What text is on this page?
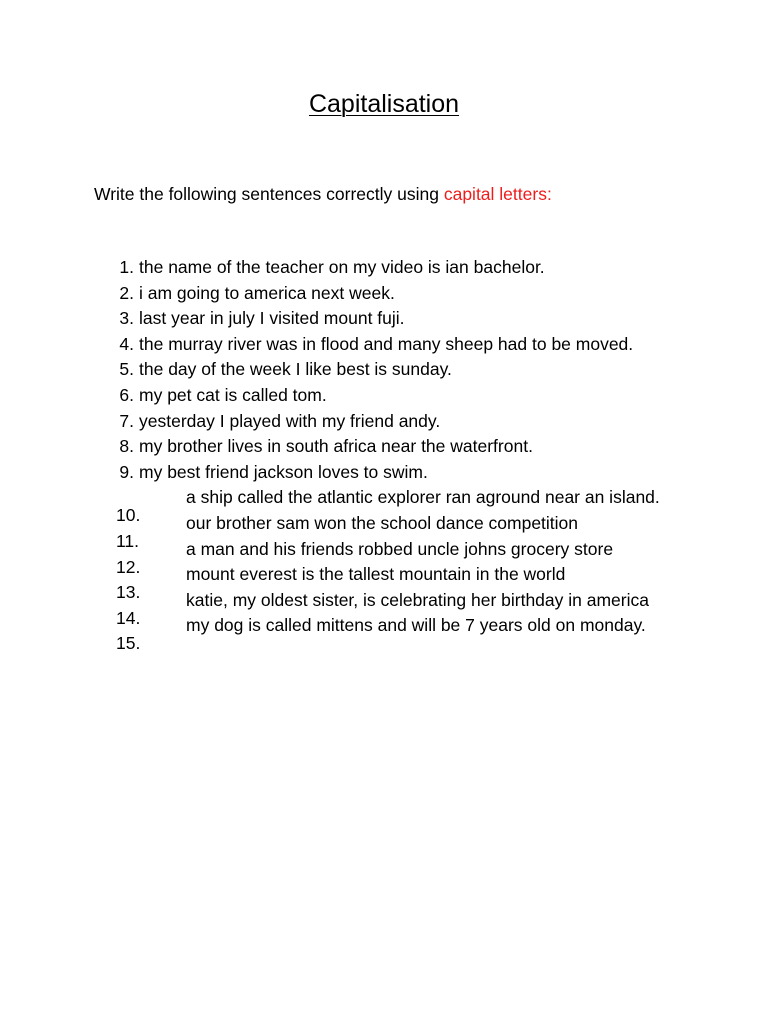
Capitalisation
Write the following sentences correctly using capital letters:
1. the name of the teacher on my video is ian bachelor.
2. i am going to america next week.
3. last year in july I visited mount fuji.
4. the murray river was in flood and many sheep had to be moved.
5. the day of the week I like best is sunday.
6. my pet cat is called tom.
7. yesterday I played with my friend andy.
8. my brother lives in south africa near the waterfront.
9. my best friend jackson loves to swim.
10.
a ship called the atlantic explorer ran aground near an island.
11.
our brother sam won the school dance competition
12.
a man and his friends robbed uncle johns grocery store
13.
mount everest is the tallest mountain in the world
14.
katie, my oldest sister, is celebrating her birthday in america
15.
my dog is called mittens and will be 7 years old on monday.
